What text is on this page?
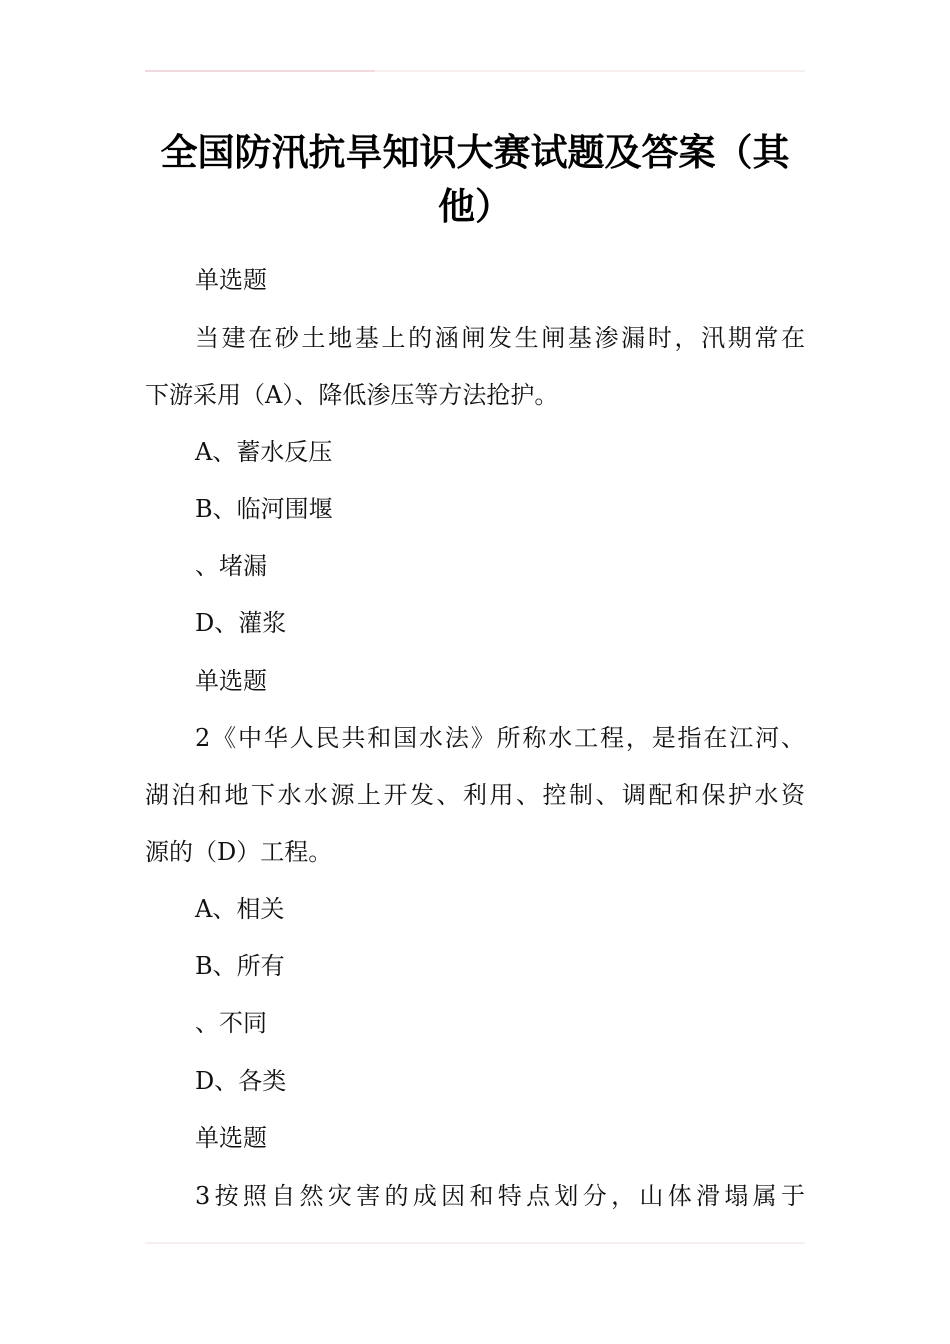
全国防汛抗旱知识大赛试题及答案（其他）

单选题

当建在砂土地基上的涵闸发生闸基渗漏时，汛期常在

下游采用（A）、降低渗压等方法抢护。

A、蓄水反压

B、临河围堰

、堵漏

D、灌浆

单选题

2《中华人民共和国水法》所称水工程，是指在江河、

湖泊和地下水水源上开发、利用、控制、调配和保护水资

源的（D）工程。

A、相关

B、所有

、不同

D、各类

单选题

3按照自然灾害的成因和特点划分，山体滑塌属于
